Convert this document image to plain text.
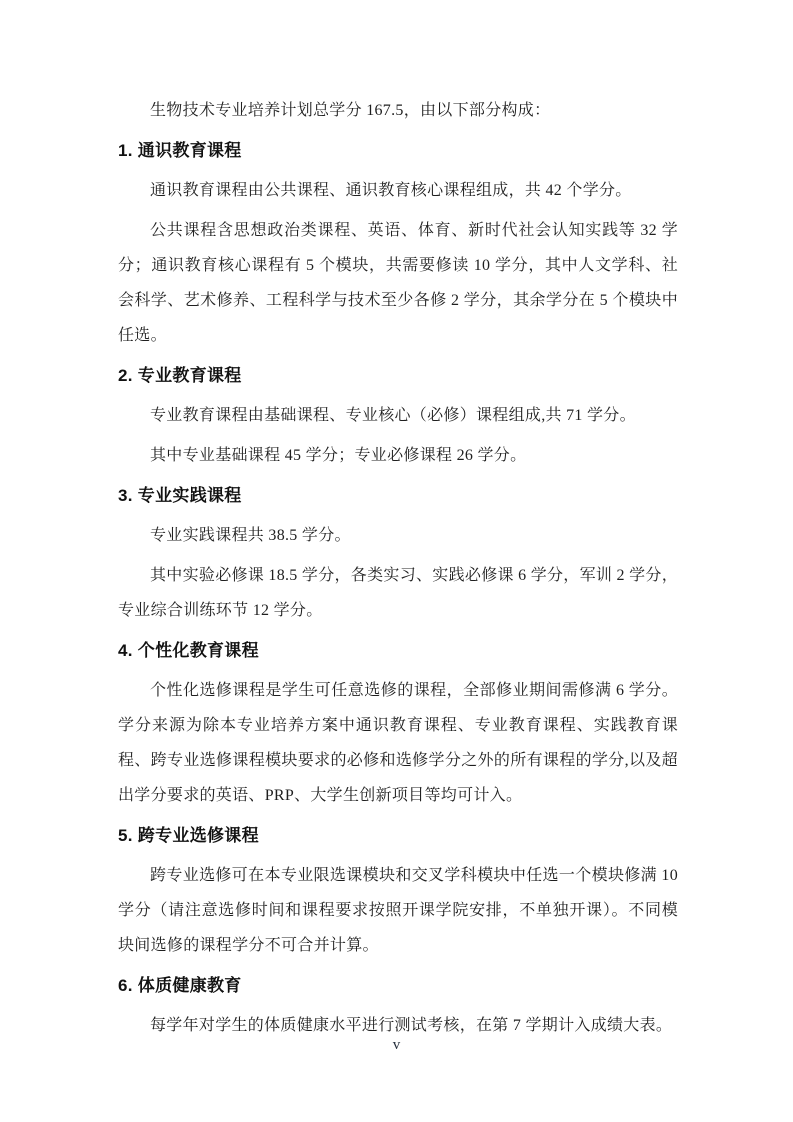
生物技术专业培养计划总学分 167.5，由以下部分构成：

1. 通识教育课程

通识教育课程由公共课程、通识教育核心课程组成，共 42 个学分。

公共课程含思想政治类课程、英语、体育、新时代社会认知实践等 32 学分；通识教育核心课程有 5 个模块，共需要修读 10 学分，其中人文学科、社会科学、艺术修养、工程科学与技术至少各修 2 学分，其余学分在 5 个模块中任选。

2. 专业教育课程

专业教育课程由基础课程、专业核心（必修）课程组成,共 71 学分。

其中专业基础课程 45 学分；专业必修课程 26 学分。

3. 专业实践课程

专业实践课程共 38.5 学分。

其中实验必修课 18.5 学分，各类实习、实践必修课 6 学分，军训 2 学分，专业综合训练环节 12 学分。

4. 个性化教育课程

个性化选修课程是学生可任意选修的课程，全部修业期间需修满 6 学分。学分来源为除本专业培养方案中通识教育课程、专业教育课程、实践教育课程、跨专业选修课程模块要求的必修和选修学分之外的所有课程的学分,以及超出学分要求的英语、PRP、大学生创新项目等均可计入。

5. 跨专业选修课程

跨专业选修可在本专业限选课模块和交叉学科模块中任选一个模块修满 10 学分（请注意选修时间和课程要求按照开课学院安排，不单独开课）。不同模块间选修的课程学分不可合并计算。

6. 体质健康教育

每学年对学生的体质健康水平进行测试考核，在第 7 学期计入成绩大表。

v
